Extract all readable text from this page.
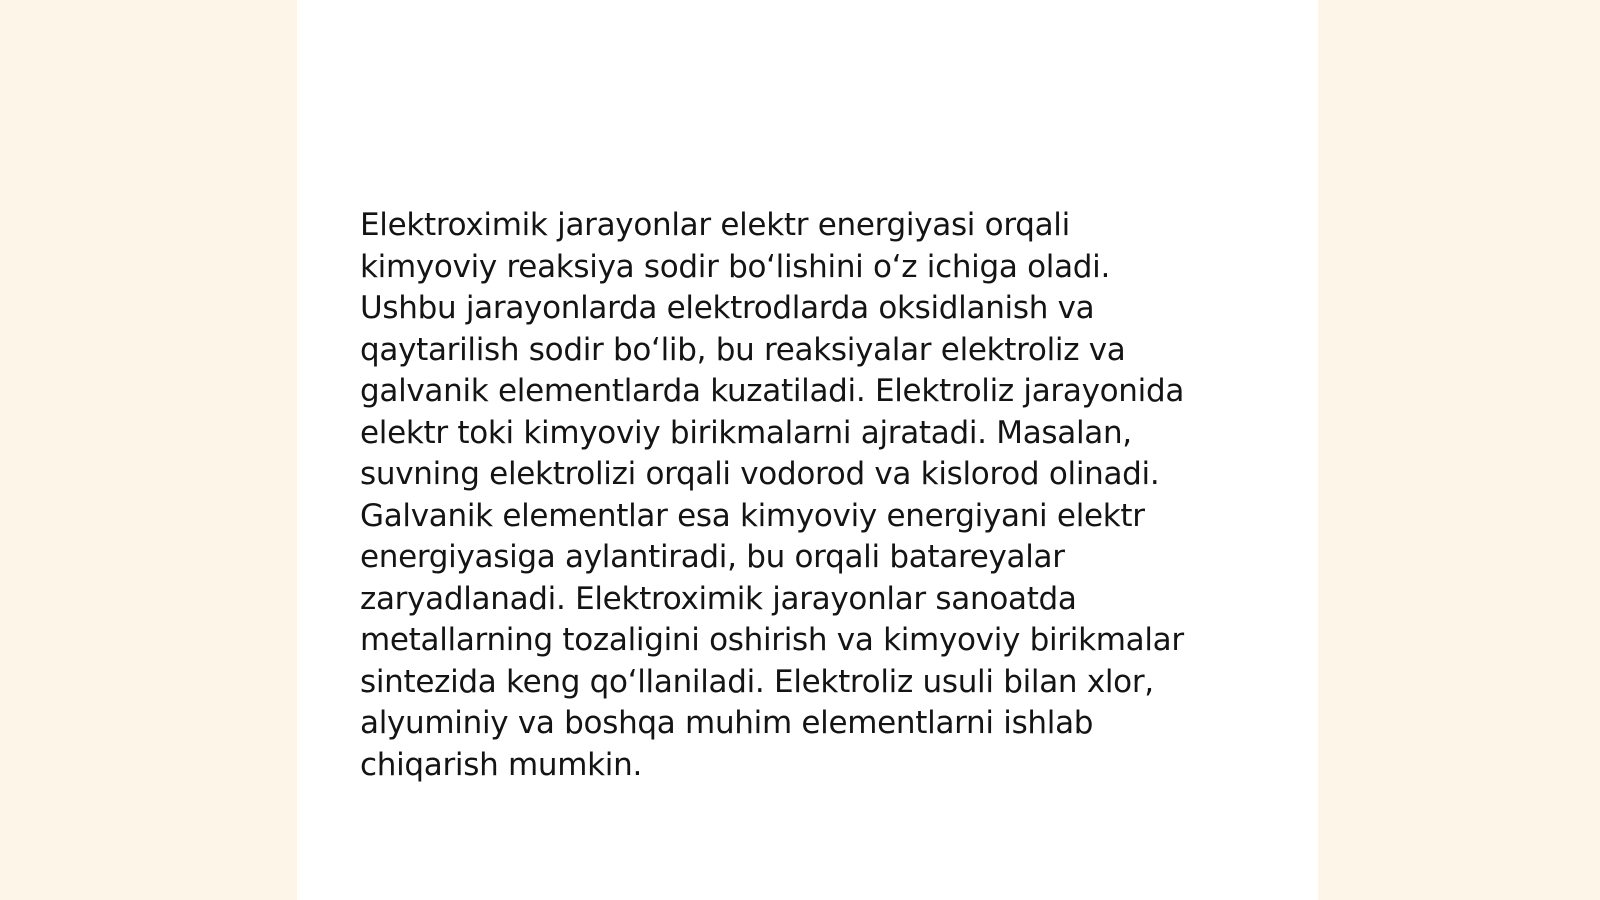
Elektroximik jarayonlar elektr energiyasi orqali
kimyoviy reaksiya sodir bo‘lishini o‘z ichiga oladi.
Ushbu jarayonlarda elektrodlarda oksidlanish va
qaytarilish sodir bo‘lib, bu reaksiyalar elektroliz va
galvanik elementlarda kuzatiladi. Elektroliz jarayonida
elektr toki kimyoviy birikmalarni ajratadi. Masalan,
suvning elektrolizi orqali vodorod va kislorod olinadi.
Galvanik elementlar esa kimyoviy energiyani elektr
energiyasiga aylantiradi, bu orqali batareyalar
zaryadlanadi. Elektroximik jarayonlar sanoatda
metallarning tozaligini oshirish va kimyoviy birikmalar
sintezida keng qo‘llaniladi. Elektroliz usuli bilan xlor,
alyuminiy va boshqa muhim elementlarni ishlab
chiqarish mumkin.
